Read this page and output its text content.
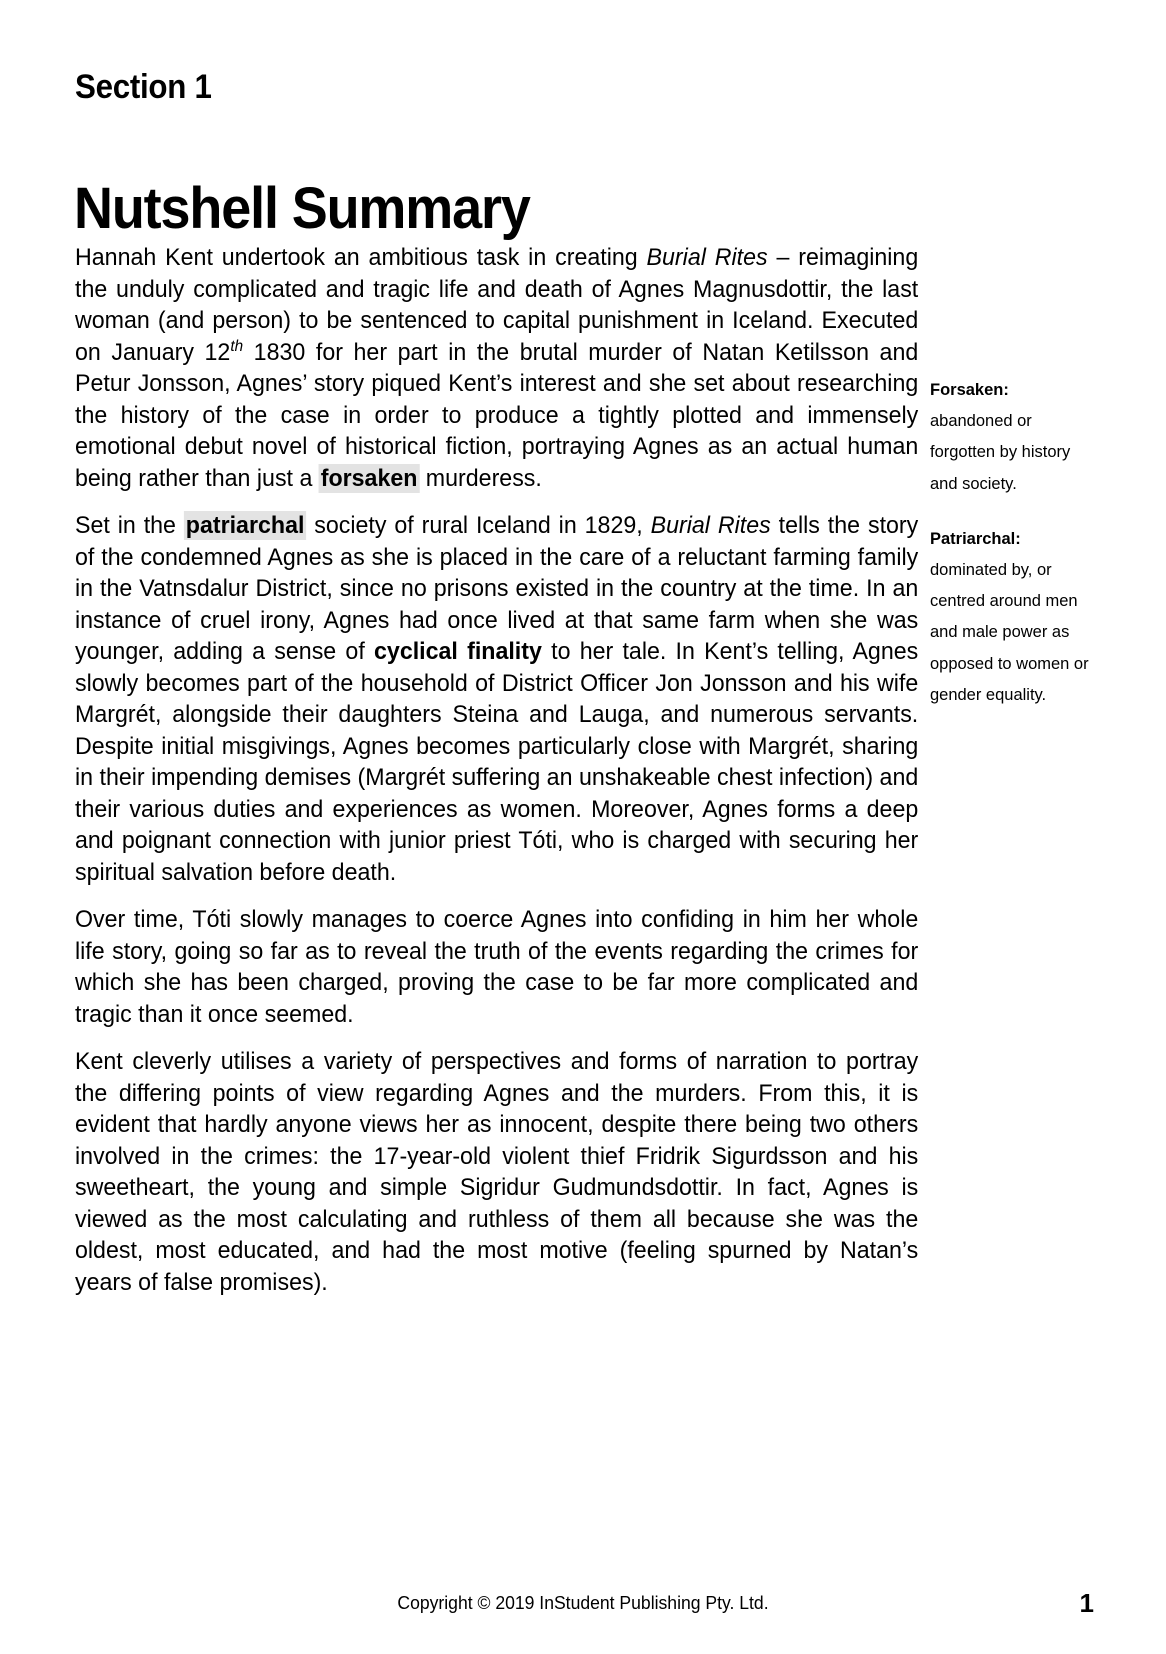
Section 1
Nutshell Summary

Hannah Kent undertook an ambitious task in creating Burial Rites – reimagining the unduly complicated and tragic life and death of Agnes Magnusdottir, the last woman (and person) to be sentenced to capital punishment in Iceland. Executed on January 12th 1830 for her part in the brutal murder of Natan Ketilsson and Petur Jonsson, Agnes’ story piqued Kent’s interest and she set about researching the history of the case in order to produce a tightly plotted and immensely emotional debut novel of historical fiction, portraying Agnes as an actual human being rather than just a forsaken murderess.

Set in the patriarchal society of rural Iceland in 1829, Burial Rites tells the story of the condemned Agnes as she is placed in the care of a reluctant farming family in the Vatnsdalur District, since no prisons existed in the country at the time. In an instance of cruel irony, Agnes had once lived at that same farm when she was younger, adding a sense of cyclical finality to her tale. In Kent’s telling, Agnes slowly becomes part of the household of District Officer Jon Jonsson and his wife Margrét, alongside their daughters Steina and Lauga, and numerous servants. Despite initial misgivings, Agnes becomes particularly close with Margrét, sharing in their impending demises (Margrét suffering an unshakeable chest infection) and their various duties and experiences as women. Moreover, Agnes forms a deep and poignant connection with junior priest Tóti, who is charged with securing her spiritual salvation before death.

Over time, Tóti slowly manages to coerce Agnes into confiding in him her whole life story, going so far as to reveal the truth of the events regarding the crimes for which she has been charged, proving the case to be far more complicated and tragic than it once seemed.

Kent cleverly utilises a variety of perspectives and forms of narration to portray the differing points of view regarding Agnes and the murders. From this, it is evident that hardly anyone views her as innocent, despite there being two others involved in the crimes: the 17-year-old violent thief Fridrik Sigurdsson and his sweetheart, the young and simple Sigridur Gudmundsdottir. In fact, Agnes is viewed as the most calculating and ruthless of them all because she was the oldest, most educated, and had the most motive (feeling spurned by Natan’s years of false promises).

Forsaken:
abandoned or forgotten by history and society.
Patriarchal:
dominated by, or centred around men and male power as opposed to women or gender equality.
Copyright © 2019 InStudent Publishing Pty. Ltd.	1
